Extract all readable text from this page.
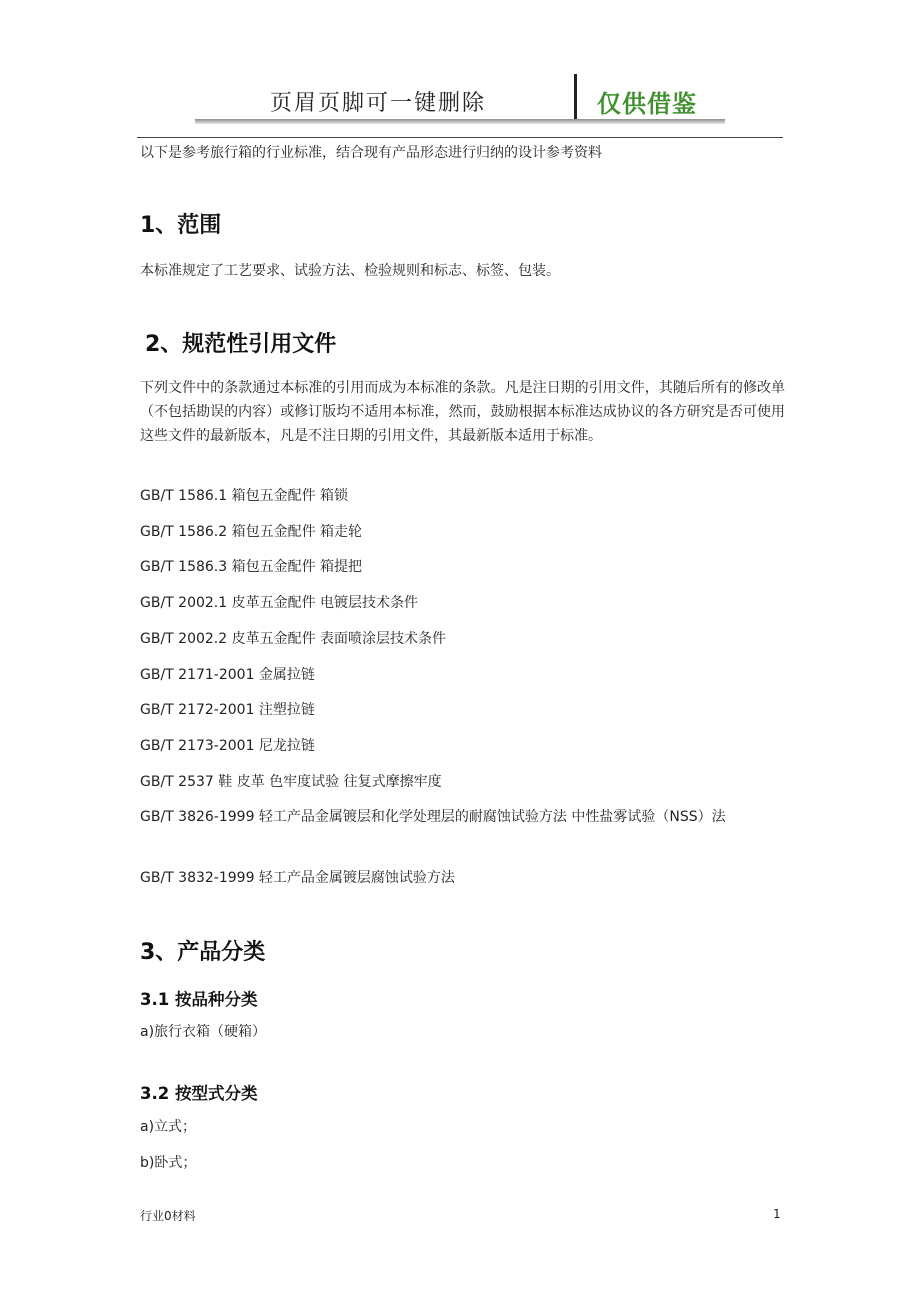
页眉页脚可一键删除	仅供借鉴
以下是参考旅行箱的行业标准，结合现有产品形态进行归纳的设计参考资料
1、范围
本标准规定了工艺要求、试验方法、检验规则和标志、标签、包装。
2、规范性引用文件
下列文件中的条款通过本标准的引用而成为本标准的条款。凡是注日期的引用文件，其随后所有的修改单（不包括勘误的内容）或修订版均不适用本标准，然而，鼓励根据本标准达成协议的各方研究是否可使用这些文件的最新版本，凡是不注日期的引用文件，其最新版本适用于标准。
GB/T 1586.1 箱包五金配件 箱锁
GB/T 1586.2 箱包五金配件 箱走轮
GB/T 1586.3 箱包五金配件 箱提把
GB/T 2002.1 皮革五金配件 电镀层技术条件
GB/T 2002.2 皮革五金配件 表面喷涂层技术条件
GB/T 2171-2001 金属拉链
GB/T 2172-2001 注塑拉链
GB/T 2173-2001 尼龙拉链
GB/T 2537 鞋 皮革 色牢度试验 往复式摩擦牢度
GB/T 3826-1999 轻工产品金属镀层和化学处理层的耐腐蚀试验方法 中性盐雾试验（NSS）法
GB/T 3832-1999 轻工产品金属镀层腐蚀试验方法
3、产品分类
3.1 按品种分类
a)旅行衣箱（硬箱）
3.2 按型式分类
a)立式；
b)卧式；
行业0材料	1
